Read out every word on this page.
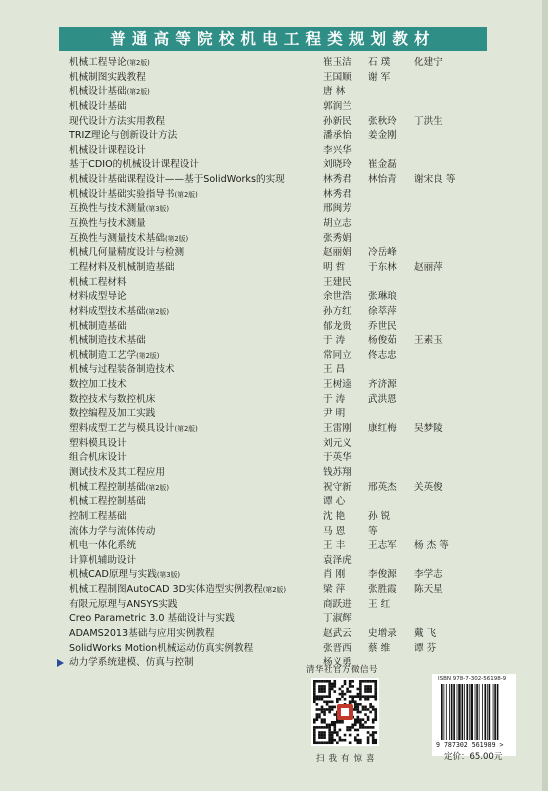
普通高等院校机电工程类规划教材
机械工程导论(第2版)	崔玉洁 石 璞 化建宁
机械制图实践教程	王国顺 谢 军
机械设计基础(第2版)	唐 林
机械设计基础	郭润兰
现代设计方法实用教程	孙新民 张秋玲 丁洪生
TRIZ理论与创新设计方法	潘承怡 姜金刚
机械设计课程设计	李兴华
基于CDIO的机械设计课程设计	刘晓玲 崔金磊
机械设计基础课程设计——基于SolidWorks的实现	林秀君 林怡青 谢宋良 等
机械设计基础实验指导书(第2版)	林秀君
互换性与技术测量(第3版)	邢闽芳
互换性与技术测量	胡立志
互换性与测量技术基础(第2版)	张秀娟
机械几何量精度设计与检测	赵丽娟 冷岳峰
工程材料及机械制造基础	明 哲 于东林 赵丽萍
机械工程材料	王建民
材料成型导论	余世浩 张琳琅
材料成型技术基础(第2版)	孙方红 徐萃萍
机械制造基础	郁龙贵 乔世民
机械制造技术基础	于 涛 杨俊茹 王素玉
机械制造工艺学(第2版)	常同立 佟志忠
机械与过程装备制造技术	王 昌
数控加工技术	王树逵 齐济源
数控技术与数控机床	于 涛 武洪恩
数控编程及加工实践	尹 明
塑料成型工艺与模具设计(第2版)	王雷刚 康红梅 吴梦陵
塑料模具设计	刘元义
组合机床设计	于英华
测试技术及其工程应用	钱苏翔
机械工程控制基础(第2版)	祝守新 邢英杰 关英俊
机械工程控制基础	谭 心
控制工程基础	沈 艳 孙 锐
流体力学与流体传动	马 恩 等
机电一体化系统	王 丰 王志军 杨 杰 等
计算机辅助设计	袁泽虎
机械CAD原理与实践(第3版)	肖 刚 李俊源 李学志
机械工程制图AutoCAD 3D实体造型实例教程(第2版)	梁 萍 张胜霞 陈天星
有限元原理与ANSYS实践	商跃进 王 红
Creo Parametric 3.0 基础设计与实践	丁淑辉
ADAMS2013基础与应用实例教程	赵武云 史增录 戴 飞
SolidWorks Motion机械运动仿真实例教程	张晋西 蔡 维 谭 芬
动力学系统建模、仿真与控制	杨义勇
清华社官方微信号
扫我有惊喜
ISBN 978-7-302-56198-9
9 787302 561989 >
定价：65.00元
